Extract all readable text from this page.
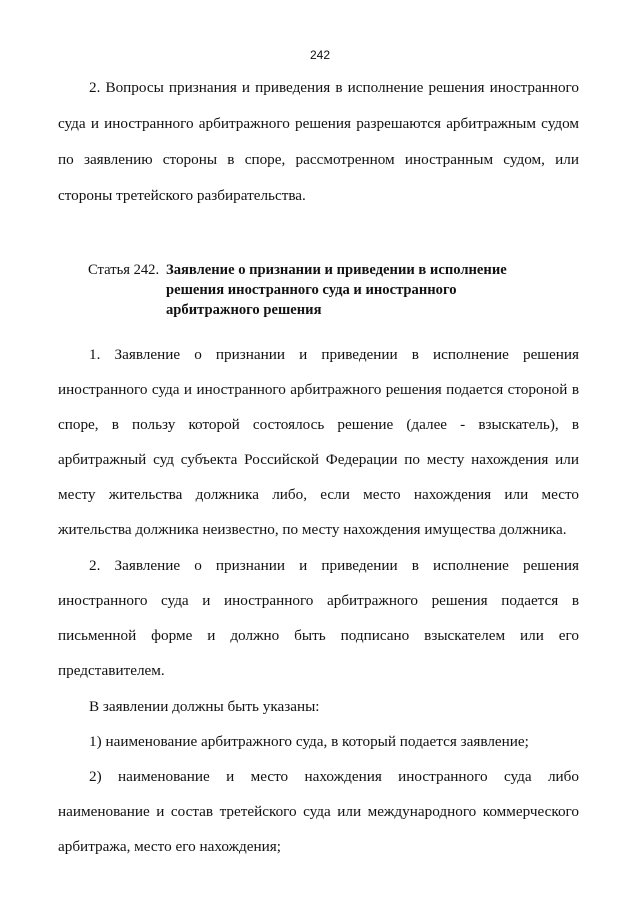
242
2. Вопросы признания и приведения в исполнение решения иностранного
суда и иностранного арбитражного решения разрешаются арбитражным судом
по заявлению стороны в споре, рассмотренном иностранным судом, или
стороны третейского разбирательства.
Статья 242. Заявление о признании и приведении в исполнение
решения иностранного суда и иностранного
арбитражного решения
1. Заявление о признании и приведении в исполнение решения
иностранного суда и иностранного арбитражного решения подается стороной в
споре, в пользу которой состоялось решение (далее - взыскатель), в
арбитражный суд субъекта Российской Федерации по месту нахождения или
месту жительства должника либо, если место нахождения или место
жительства должника неизвестно, по месту нахождения имущества должника.
2. Заявление о признании и приведении в исполнение решения
иностранного суда и иностранного арбитражного решения подается в
письменной форме и должно быть подписано взыскателем или его
представителем.
В заявлении должны быть указаны:
1) наименование арбитражного суда, в который подается заявление;
2) наименование и место нахождения иностранного суда либо
наименование и состав третейского суда или международного коммерческого
арбитража, место его нахождения;
